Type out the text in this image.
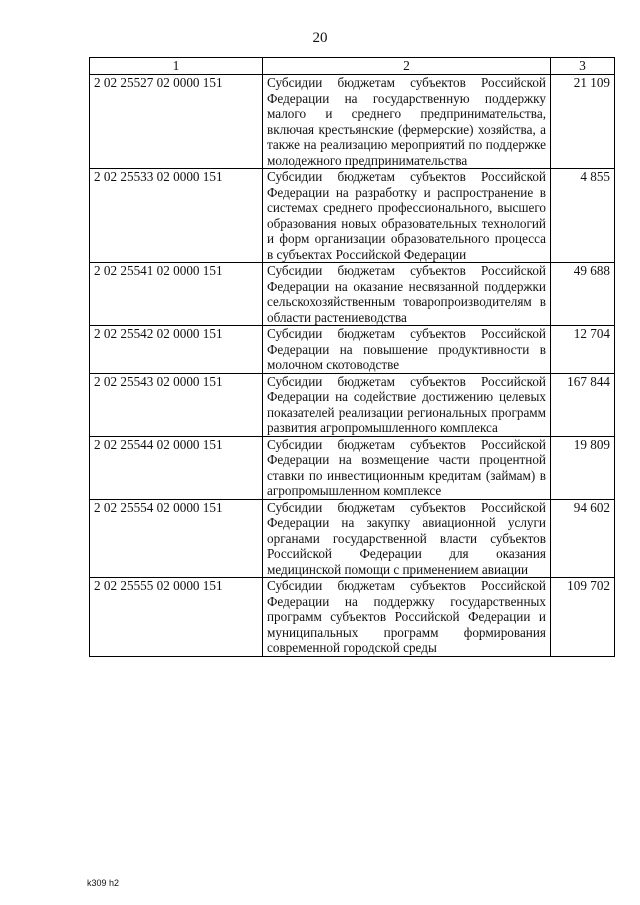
20
1	2	3
2 02 25527 02 0000 151	Субсидии бюджетам субъектов Российской Федерации на государственную поддержку малого и среднего предпринимательства, включая крестьянские (фермерские) хозяйства, а также на реализацию мероприятий по поддержке молодежного предпринимательства	21 109
2 02 25533 02 0000 151	Субсидии бюджетам субъектов Российской Федерации на разработку и распространение в системах среднего профессионального, высшего образования новых образовательных технологий и форм организации образовательного процесса в субъектах Российской Федерации	4 855
2 02 25541 02 0000 151	Субсидии бюджетам субъектов Российской Федерации на оказание несвязанной поддержки сельскохозяйственным товаропроизводителям в области растениеводства	49 688
2 02 25542 02 0000 151	Субсидии бюджетам субъектов Российской Федерации на повышение продуктивности в молочном скотоводстве	12 704
2 02 25543 02 0000 151	Субсидии бюджетам субъектов Российской Федерации на содействие достижению целевых показателей реализации региональных программ развития агропромышленного комплекса	167 844
2 02 25544 02 0000 151	Субсидии бюджетам субъектов Российской Федерации на возмещение части процентной ставки по инвестиционным кредитам (займам) в агропромышленном комплексе	19 809
2 02 25554 02 0000 151	Субсидии бюджетам субъектов Российской Федерации на закупку авиационной услуги органами государственной власти субъектов Российской Федерации для оказания медицинской помощи с применением авиации	94 602
2 02 25555 02 0000 151	Субсидии бюджетам субъектов Российской Федерации на поддержку государственных программ субъектов Российской Федерации и муниципальных программ формирования современной городской среды	109 702
k309 h2
